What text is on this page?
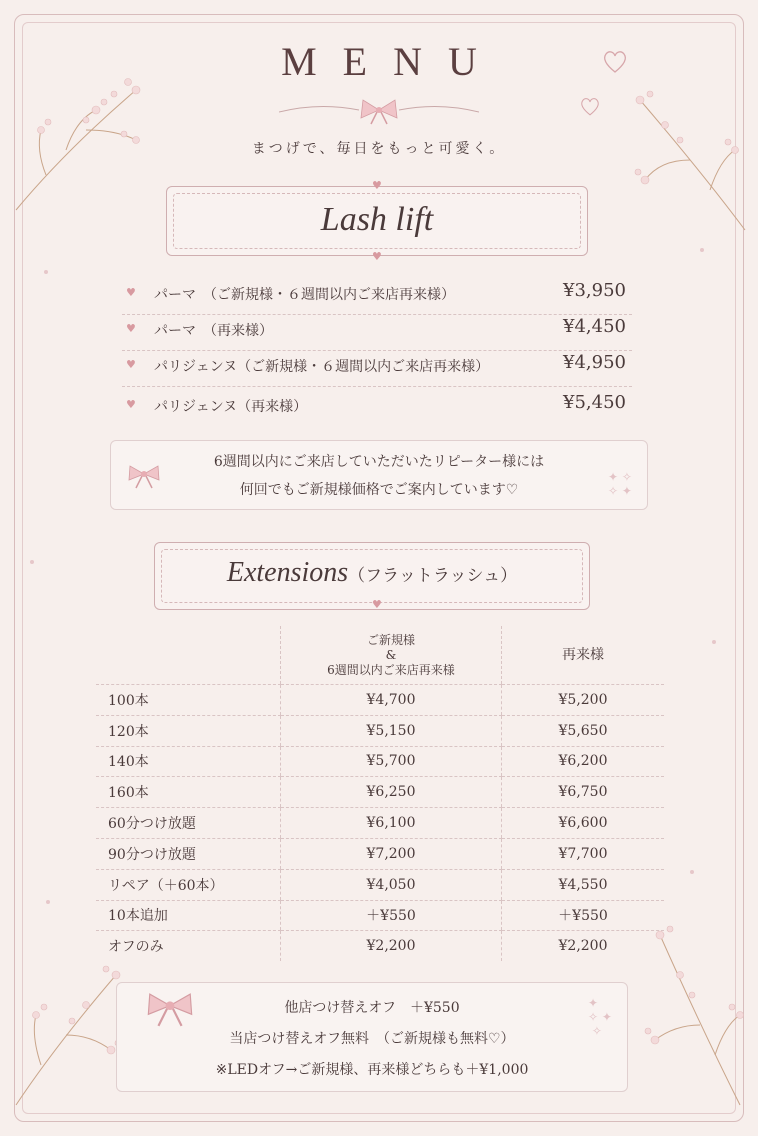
MENU
まつげで、毎日をもっと可愛く。
Lash lift
♥
♥
♥ パーマ　（ご新規様・６週間以内ご来店再来様）	¥3,950
♥ パーマ　（再来様）	¥4,450
♥ パリジェンヌ（ご新規様・６週間以内ご来店再来様）	¥4,950
♥ パリジェンヌ（再来様）	¥5,450
6週間以内にご来店していただいたリピーター様には
何回でもご新規様価格でご案内しています♡
✦ ✧
✧ ✦
Extensions（フラットラッシュ）
♥

	ご新規様
&
6週間以内ご来店再来様	再来様
100本	¥4,700	¥5,200
120本	¥5,150	¥5,650
140本	¥5,700	¥6,200
160本	¥6,250	¥6,750
60分つけ放題	¥6,100	¥6,600
90分つけ放題	¥7,200	¥7,700
リペア（＋60本）	¥4,050	¥4,550
10本追加	＋¥550	＋¥550
オフのみ	¥2,200	¥2,200
他店つけ替えオフ　＋¥550
当店つけ替えオフ無料　（ご新規様も無料♡）
※LEDオフ→ご新規様、再来様どちらも＋¥1,000
✦
✧ ✦
✧
